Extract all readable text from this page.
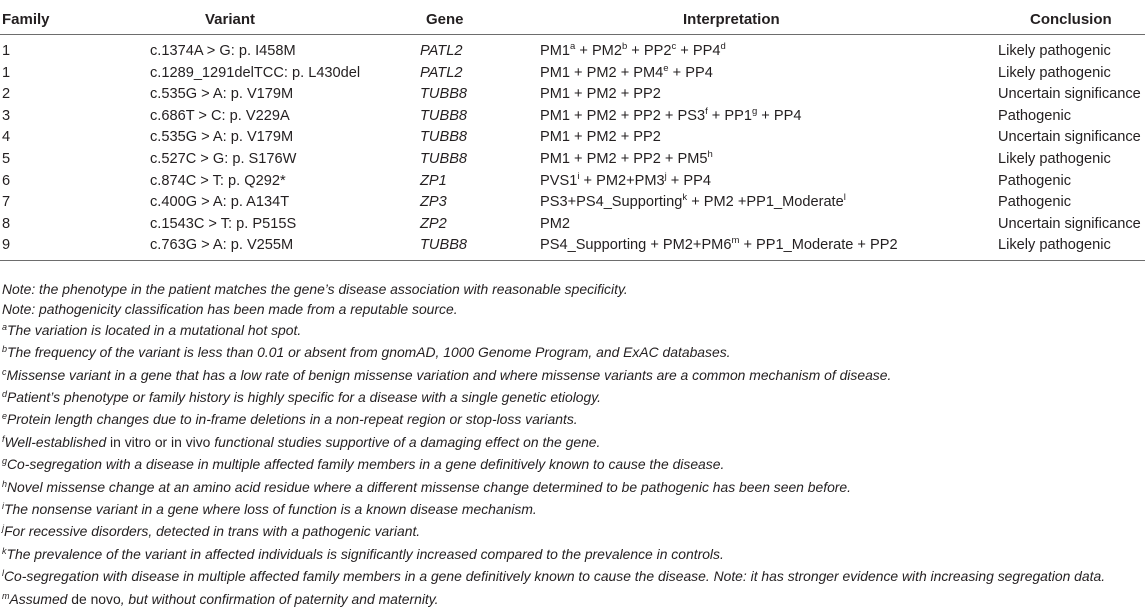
Family	Variant	Gene	Interpretation	Conclusion
1	c.1374A > G: p. I458M	PATL2	$PM1^a + PM2^b + PP2^c + PP4^d$	Likely pathogenic
1	c.1289_1291delTCC: p. L430del	PATL2	$PM1 + PM2 + PM4^e + PP4$	Likely pathogenic
2	c.535G > A: p. V179M	TUBB8	PM1 + PM2 + PP2	Uncertain significance
3	c.686T > C: p. V229A	TUBB8	$PM1 + PM2 + PP2 + PS3^f + PP1^g + PP4$	Pathogenic
4	c.535G > A: p. V179M	TUBB8	PM1 + PM2 + PP2	Uncertain significance
5	c.527C > G: p. S176W	TUBB8	$PM1 + PM2 + PP2 + PM5^h$	Likely pathogenic
6	c.874C > T: p. Q292*	ZP1	$PVS1^i + PM2+PM3^j + PP4$	Pathogenic
7	c.400G > A: p. A134T	ZP3	PS3+PS4_Supporting$^k$ + PM2 +PP1_Moderate$^l$	Pathogenic
8	c.1543C > T: p. P515S	ZP2	PM2	Uncertain significance
9	c.763G > A: p. V255M	TUBB8	PS4_Supporting + $PM2+PM6^m$ + PP1_Moderate + PP2	Likely pathogenic
Note: the phenotype in the patient matches the gene’s disease association with reasonable specificity.
Note: pathogenicity classification has been made from a reputable source.
$^a$The variation is located in a mutational hot spot.
$^b$The frequency of the variant is less than 0.01 or absent from gnomAD, 1000 Genome Program, and ExAC databases.
$^c$Missense variant in a gene that has a low rate of benign missense variation and where missense variants are a common mechanism of disease.
$^d$Patient’s phenotype or family history is highly specific for a disease with a single genetic etiology.
$^e$Protein length changes due to in-frame deletions in a non-repeat region or stop-loss variants.
$^f$Well-established in vitro or in vivo functional studies supportive of a damaging effect on the gene.
$^g$Co-segregation with a disease in multiple affected family members in a gene definitively known to cause the disease.
$^h$Novel missense change at an amino acid residue where a different missense change determined to be pathogenic has been seen before.
$^i$The nonsense variant in a gene where loss of function is a known disease mechanism.
$^j$For recessive disorders, detected in trans with a pathogenic variant.
$^k$The prevalence of the variant in affected individuals is significantly increased compared to the prevalence in controls.
$^l$Co-segregation with disease in multiple affected family members in a gene definitively known to cause the disease. Note: it has stronger evidence with increasing segregation data.
$^m$Assumed de novo, but without confirmation of paternity and maternity.
